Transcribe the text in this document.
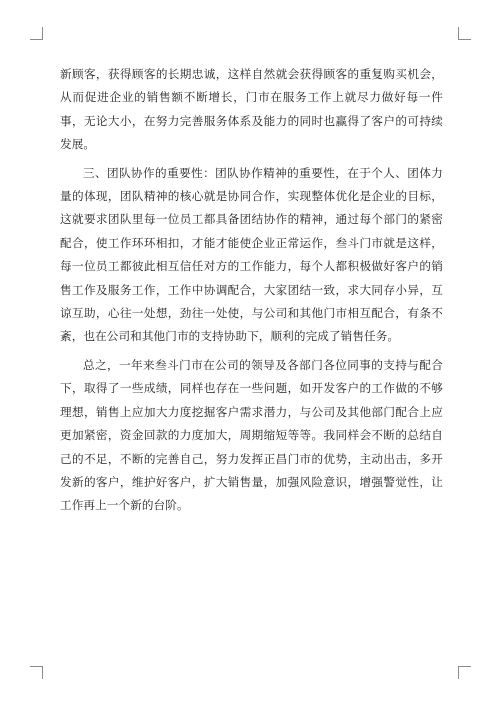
新顾客，获得顾客的长期忠诚，这样自然就会获得顾客的重复购买机会，从而促进企业的销售额不断增长，门市在服务工作上就尽力做好每一件事，无论大小，在努力完善服务体系及能力的同时也赢得了客户的可持续发展。

三、团队协作的重要性：团队协作精神的重要性，在于个人、团体力量的体现，团队精神的核心就是协同合作，实现整体优化是企业的目标，这就要求团队里每一位员工都具备团结协作的精神，通过每个部门的紧密配合，使工作环环相扣，才能才能使企业正常运作，叁斗门市就是这样，每一位员工都彼此相互信任对方的工作能力，每个人都积极做好客户的销售工作及服务工作，工作中协调配合，大家团结一致，求大同存小异，互谅互助，心往一处想，劲往一处使，与公司和其他门市相互配合，有条不紊，也在公司和其他门市的支持协助下，顺利的完成了销售任务。

总之，一年来叁斗门市在公司的领导及各部门各位同事的支持与配合下，取得了一些成绩，同样也存在一些问题，如开发客户的工作做的不够理想，销售上应加大力度挖掘客户需求潜力，与公司及其他部门配合上应更加紧密，资金回款的力度加大，周期缩短等等。我同样会不断的总结自己的不足，不断的完善自己，努力发挥正昌门市的优势，主动出击，多开发新的客户，维护好客户，扩大销售量，加强风险意识，增强警觉性，让工作再上一个新的台阶。
